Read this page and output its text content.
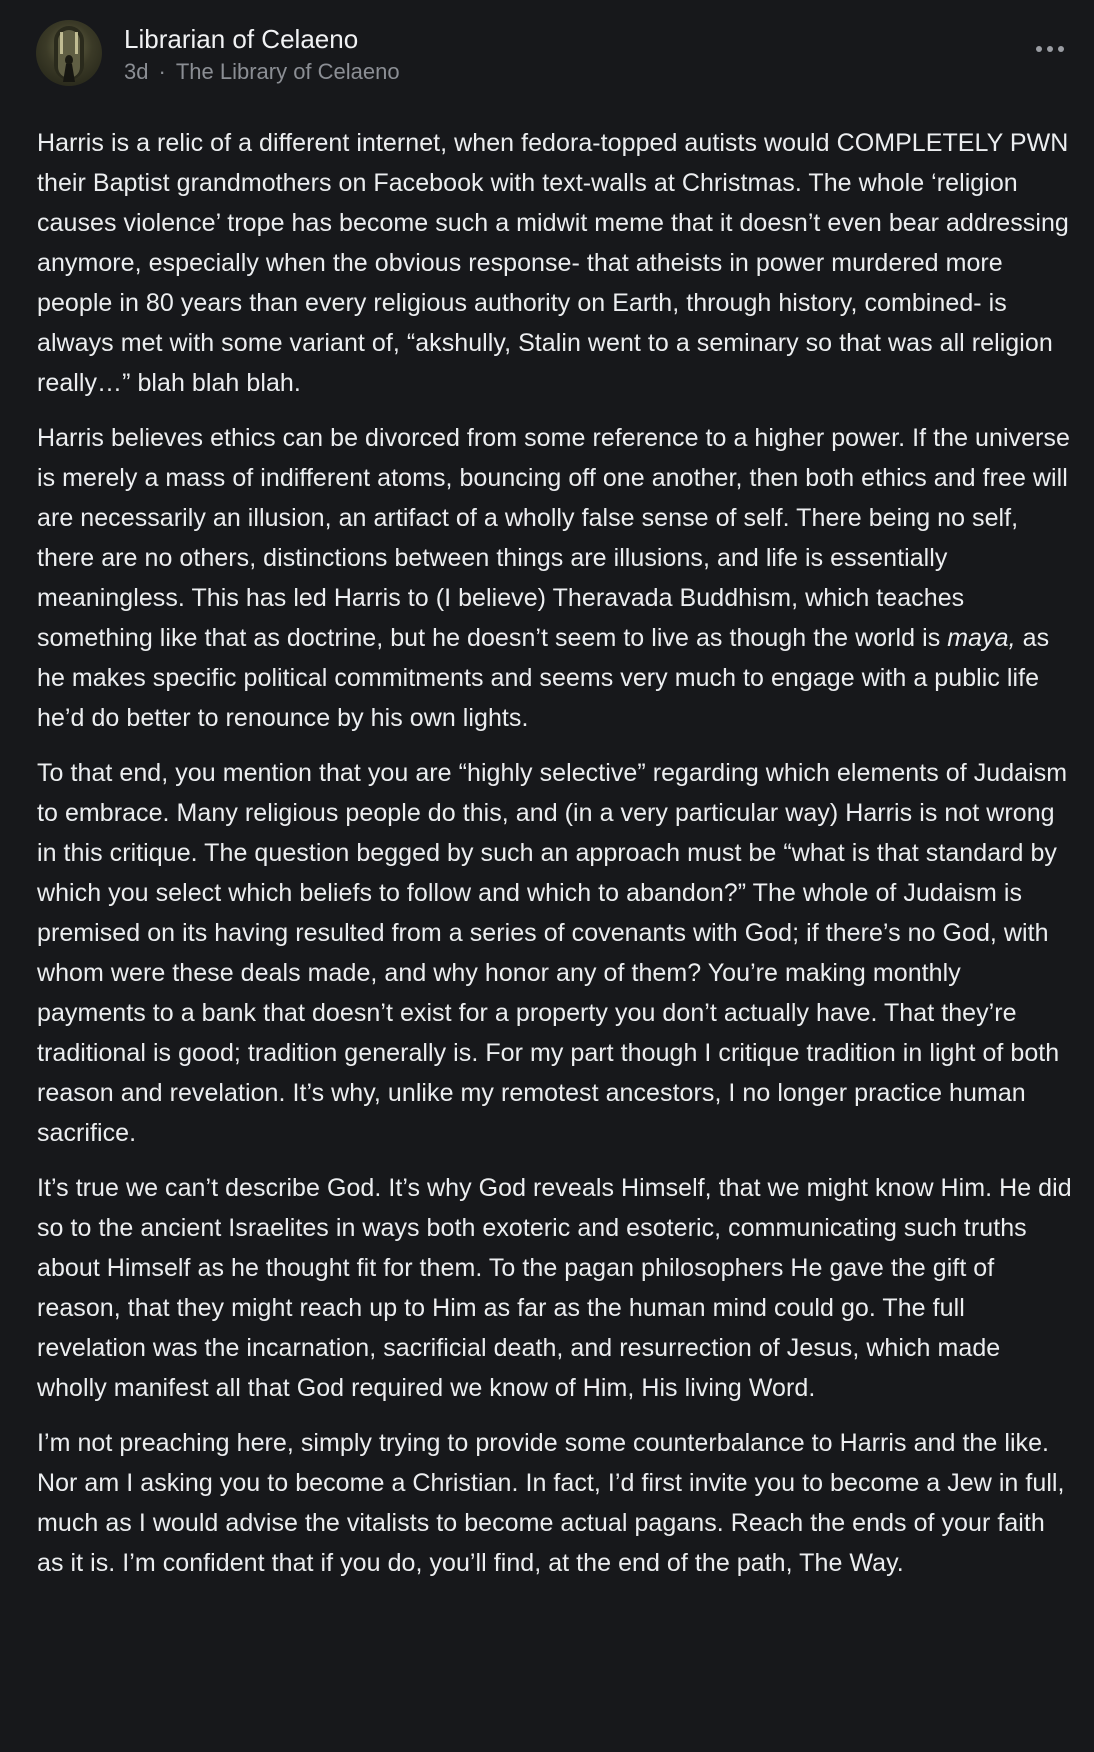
Librarian of Celaeno
3d · The Library of Celaeno

Harris is a relic of a different internet, when fedora-topped autists would COMPLETELY PWN their Baptist grandmothers on Facebook with text-walls at Christmas. The whole ‘religion causes violence’ trope has become such a midwit meme that it doesn’t even bear addressing anymore, especially when the obvious response- that atheists in power murdered more people in 80 years than every religious authority on Earth, through history, combined- is always met with some variant of, “akshully, Stalin went to a seminary so that was all religion really…” blah blah blah.

Harris believes ethics can be divorced from some reference to a higher power. If the universe is merely a mass of indifferent atoms, bouncing off one another, then both ethics and free will are necessarily an illusion, an artifact of a wholly false sense of self. There being no self, there are no others, distinctions between things are illusions, and life is essentially meaningless. This has led Harris to (I believe) Theravada Buddhism, which teaches something like that as doctrine, but he doesn’t seem to live as though the world is maya, as he makes specific political commitments and seems very much to engage with a public life he’d do better to renounce by his own lights.

To that end, you mention that you are “highly selective” regarding which elements of Judaism to embrace. Many religious people do this, and (in a very particular way) Harris is not wrong in this critique. The question begged by such an approach must be “what is that standard by which you select which beliefs to follow and which to abandon?” The whole of Judaism is premised on its having resulted from a series of covenants with God; if there’s no God, with whom were these deals made, and why honor any of them? You’re making monthly payments to a bank that doesn’t exist for a property you don’t actually have. That they’re traditional is good; tradition generally is. For my part though I critique tradition in light of both reason and revelation. It’s why, unlike my remotest ancestors, I no longer practice human sacrifice.

It’s true we can’t describe God. It’s why God reveals Himself, that we might know Him. He did so to the ancient Israelites in ways both exoteric and esoteric, communicating such truths about Himself as he thought fit for them. To the pagan philosophers He gave the gift of reason, that they might reach up to Him as far as the human mind could go. The full revelation was the incarnation, sacrificial death, and resurrection of Jesus, which made wholly manifest all that God required we know of Him, His living Word.

I’m not preaching here, simply trying to provide some counterbalance to Harris and the like. Nor am I asking you to become a Christian. In fact, I’d first invite you to become a Jew in full, much as I would advise the vitalists to become actual pagans. Reach the ends of your faith as it is. I’m confident that if you do, you’ll find, at the end of the path, The Way.
